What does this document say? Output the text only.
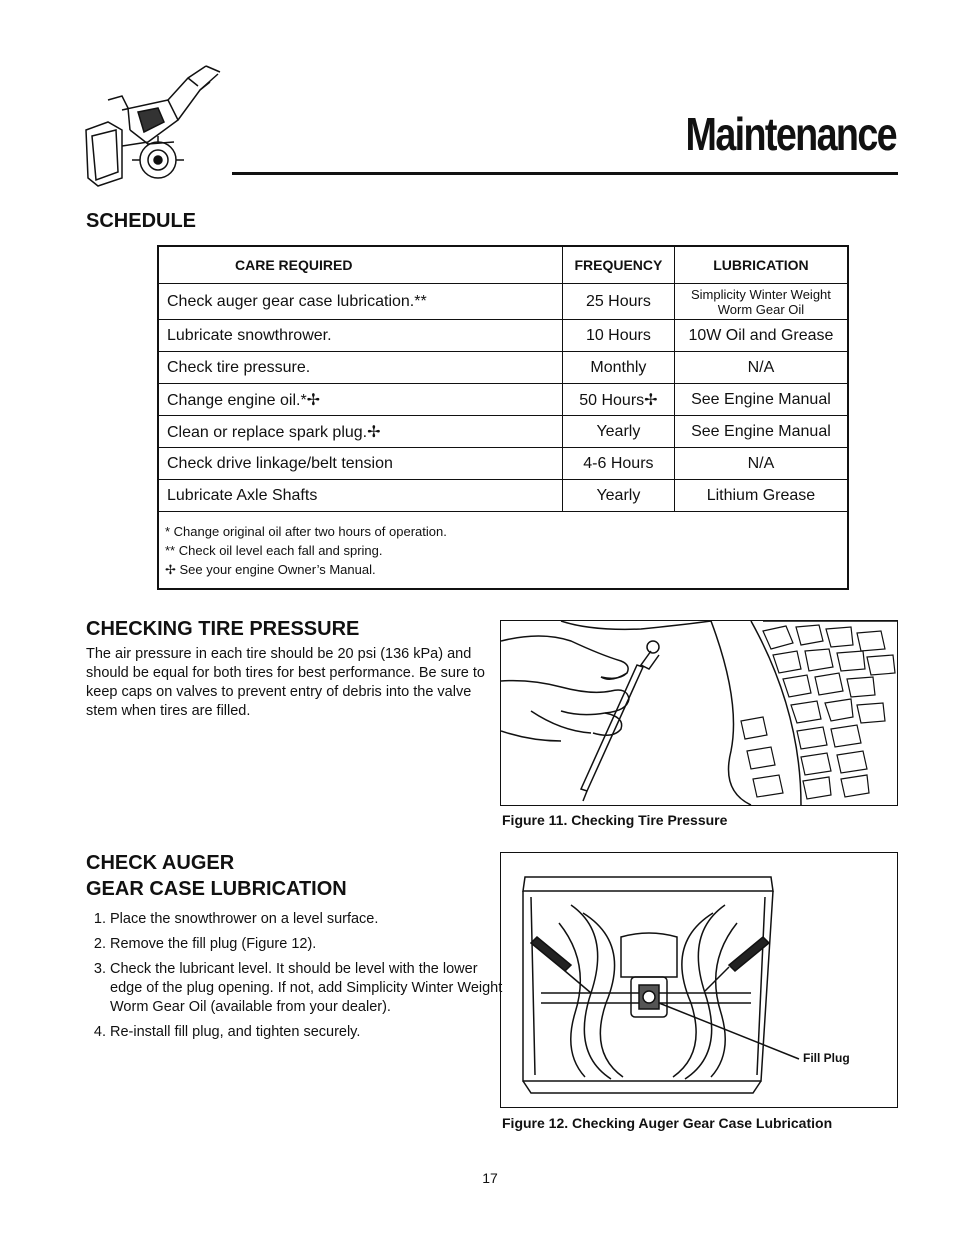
Maintenance
SCHEDULE
CARE REQUIRED	FREQUENCY	LUBRICATION
Check auger gear case lubrication.**	25 Hours	Simplicity Winter Weight Worm Gear Oil
Lubricate snowthrower.	10 Hours	10W Oil and Grease
Check tire pressure.	Monthly	N/A
Change engine oil.*✢	50 Hours✢	See Engine Manual
Clean or replace spark plug.✢	Yearly	See Engine Manual
Check drive linkage/belt tension	4-6 Hours	N/A
Lubricate Axle Shafts	Yearly	Lithium Grease

* Change original oil after two hours of operation.
** Check oil level each fall and spring.
✢ See your engine Owner’s Manual.		
CHECKING TIRE PRESSURE
The air pressure in each tire should be 20 psi (136 kPa) and should be equal for both tires for best performance. Be sure to keep caps on valves to prevent entry of debris into the valve stem when tires are filled.
Figure 11. Checking Tire Pressure
CHECK AUGER
GEAR CASE LUBRICATION
1. Place the snowthrower on a level surface.
2. Remove the fill plug (Figure 12).
3. Check the lubricant level. It should be level with the lower edge of the plug opening. If not, add Simplicity Winter Weight Worm Gear Oil (available from your dealer).
4. Re-install fill plug, and tighten securely.
Fill Plug
Figure 12. Checking Auger Gear Case Lubrication
17
